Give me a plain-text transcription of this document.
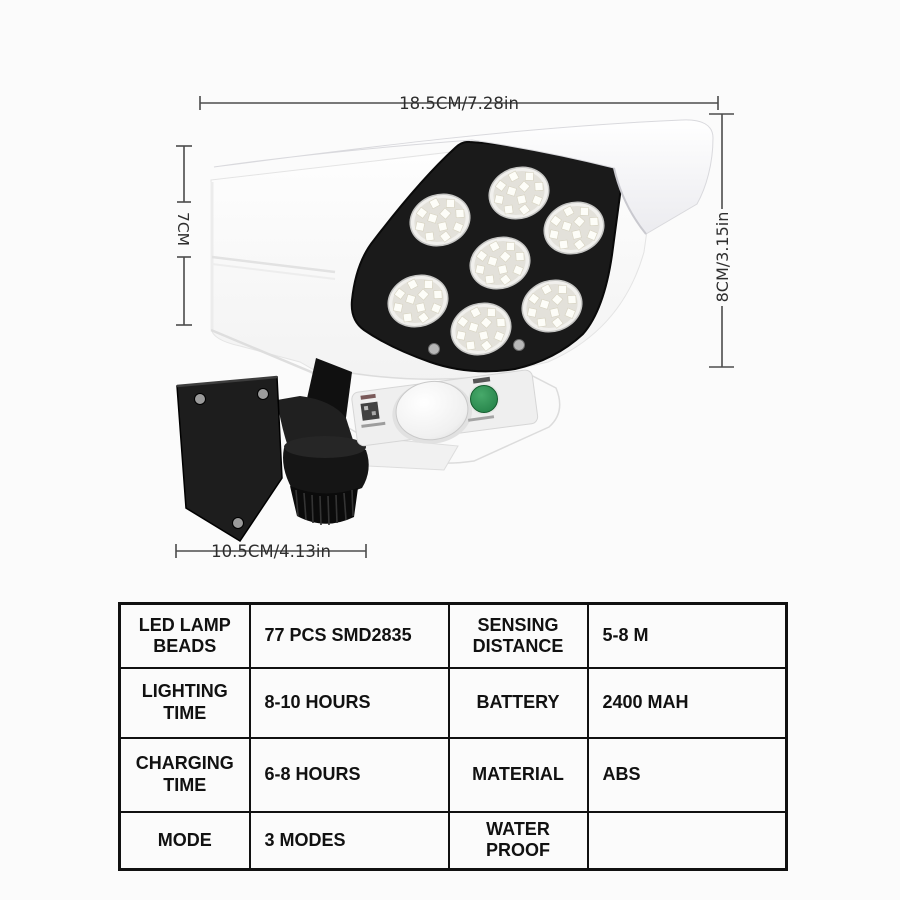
18.5CM/7.28in
7CM	8CM/3.15in
10.5CM/4.13in
LED LAMP BEADS	77 PCS SMD2835	SENSING DISTANCE	5-8 M
LIGHTING TIME	8-10 HOURS	BATTERY	2400 MAH
CHARGING TIME	6-8 HOURS	MATERIAL	ABS
MODE	3 MODES	WATER PROOF	
